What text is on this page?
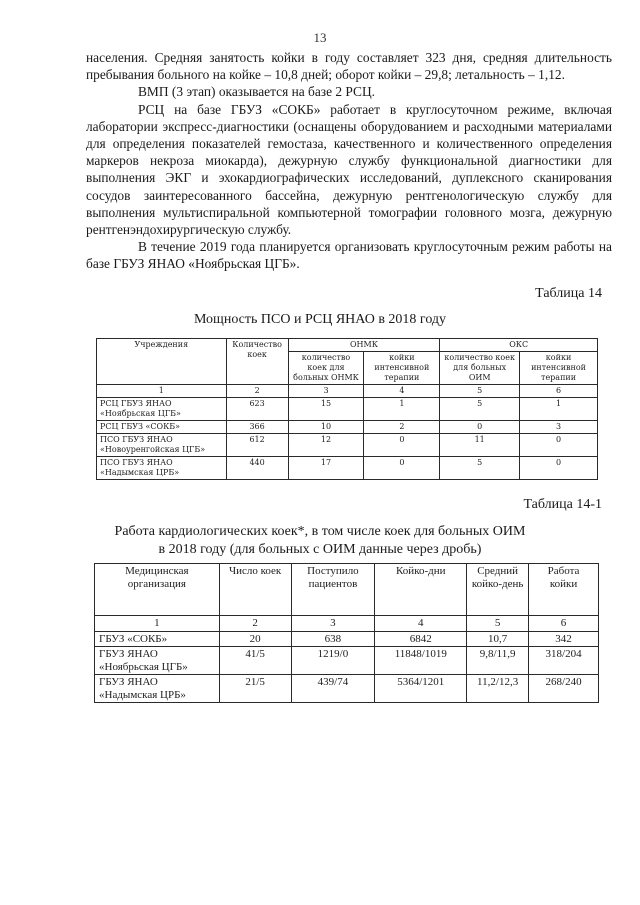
13

населения. Средняя занятость койки в году составляет 323 дня, средняя длительность пребывания больного на койке – 10,8 дней; оборот койки – 29,8; летальность – 1,12.

ВМП (3 этап) оказывается на базе 2 РСЦ.

РСЦ на базе ГБУЗ «СОКБ» работает в круглосуточном режиме, включая лаборатории экспресс-диагностики (оснащены оборудованием и расходными материалами для определения показателей гемостаза, качественного и количественного определения маркеров некроза миокарда), дежурную службу функциональной диагностики для выполнения ЭКГ и эхокардиографических исследований, дуплексного сканирования сосудов заинтересованного бассейна, дежурную рентгенологическую службу для выполнения мультиспиральной компьютерной томографии головного мозга, дежурную рентгенэндохирургическую службу.

В течение 2019 года планируется организовать круглосуточным режим работы на базе ГБУЗ ЯНАО «Ноябрьская ЦГБ».

Таблица 14
Мощность ПСО и РСЦ ЯНАО в 2018 году
Учреждения	Количество коек	ОНМК		ОКС	
		количество коек для больных ОНМК	койки интенсивной терапии	количество коек для больных ОИМ	койки интенсивной терапии
1	2	3	4	5	6
РСЦ ГБУЗ ЯНАО «Ноябрьская ЦГБ»	623	15	1	5	1
РСЦ ГБУЗ «СОКБ»	366	10	2	0	3
ПСО ГБУЗ ЯНАО «Новоуренгойская ЦГБ»	612	12	0	11	0
ПСО ГБУЗ ЯНАО «Надымская ЦРБ»	440	17	0	5	0
Таблица 14-1
Работа кардиологических коек*, в том числе коек для больных ОИМ
в 2018 году (для больных с ОИМ данные через дробь)
Медицинская организация	Число коек	Поступило пациентов	Койко-дни	Средний койко-день	Работа койки
1	2	3	4	5	6
ГБУЗ «СОКБ»	20	638	6842	10,7	342
ГБУЗ ЯНАО «Ноябрьская ЦГБ»	41/5	1219/0	11848/1019	9,8/11,9	318/204
ГБУЗ ЯНАО «Надымская ЦРБ»	21/5	439/74	5364/1201	11,2/12,3	268/240
